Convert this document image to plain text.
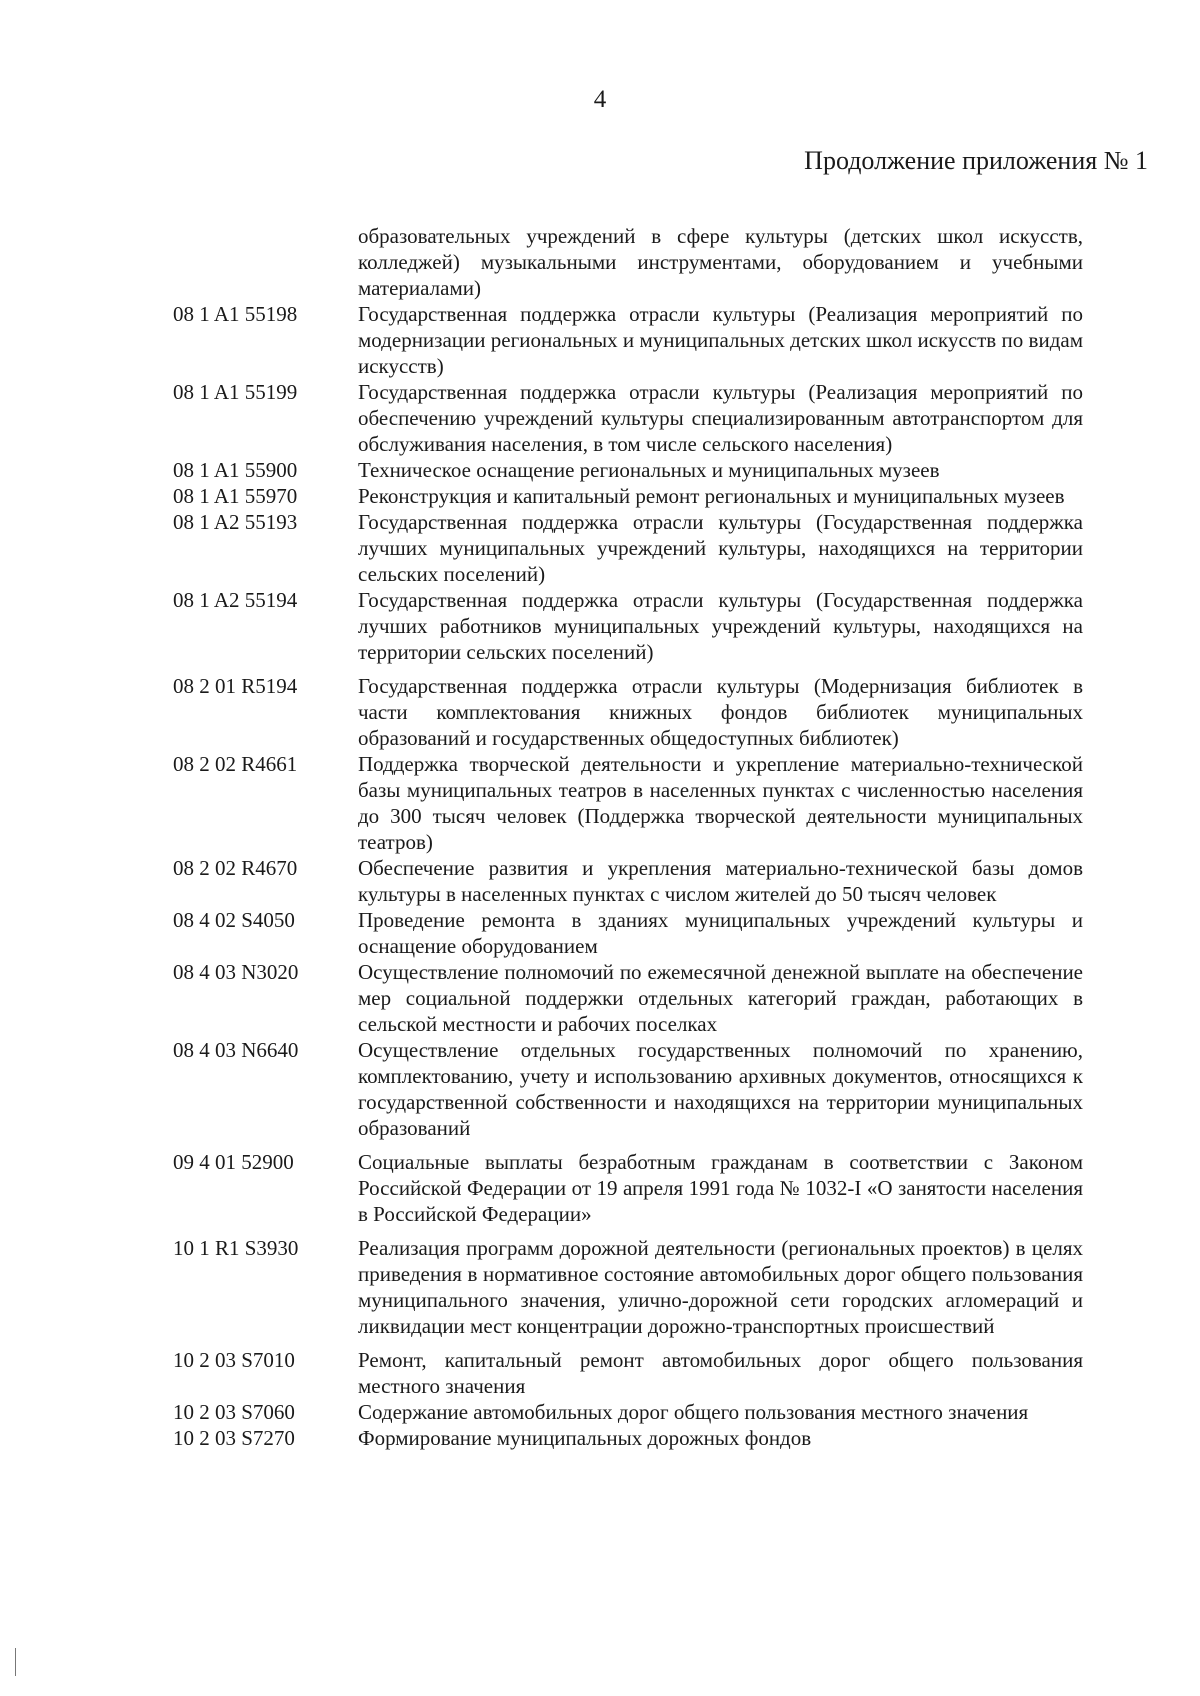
4
Продолжение приложения № 1
образовательных учреждений в сфере культуры (детских школ искусств, колледжей) музыкальными инструментами, оборудованием и учебными материалами)
08 1 A1 55198	Государственная поддержка отрасли культуры (Реализация мероприятий по модернизации региональных и муниципальных детских школ искусств по видам искусств)
08 1 A1 55199	Государственная поддержка отрасли культуры (Реализация мероприятий по обеспечению учреждений культуры специализированным автотранспортом для обслуживания населения, в том числе сельского населения)
08 1 A1 55900	Техническое оснащение региональных и муниципальных музеев
08 1 A1 55970	Реконструкция и капитальный ремонт региональных и муниципальных музеев
08 1 A2 55193	Государственная поддержка отрасли культуры (Государственная поддержка лучших муниципальных учреждений культуры, находящихся на территории сельских поселений)
08 1 A2 55194	Государственная поддержка отрасли культуры (Государственная поддержка лучших работников муниципальных учреждений культуры, находящихся на территории сельских поселений)
08 2 01 R5194	Государственная поддержка отрасли культуры (Модернизация библиотек в части комплектования книжных фондов библиотек муниципальных образований и государственных общедоступных библиотек)
08 2 02 R4661	Поддержка творческой деятельности и укрепление материально-технической базы муниципальных театров в населенных пунктах с численностью населения до 300 тысяч человек (Поддержка творческой деятельности муниципальных театров)
08 2 02 R4670	Обеспечение развития и укрепления материально-технической базы домов культуры в населенных пунктах с числом жителей до 50 тысяч человек
08 4 02 S4050	Проведение ремонта в зданиях муниципальных учреждений культуры и оснащение оборудованием
08 4 03 N3020	Осуществление полномочий по ежемесячной денежной выплате на обеспечение мер социальной поддержки отдельных категорий граждан, работающих в сельской местности и рабочих поселках
08 4 03 N6640	Осуществление отдельных государственных полномочий по хранению, комплектованию, учету и использованию архивных документов, относящихся к государственной собственности и находящихся на территории муниципальных образований
09 4 01 52900	Социальные выплаты безработным гражданам в соответствии с Законом Российской Федерации от 19 апреля 1991 года № 1032-I «О занятости населения в Российской Федерации»
10 1 R1 S3930	Реализация программ дорожной деятельности (региональных проектов) в целях приведения в нормативное состояние автомобильных дорог общего пользования муниципального значения, улично-дорожной сети городских агломераций и ликвидации мест концентрации дорожно-транспортных происшествий
10 2 03 S7010	Ремонт, капитальный ремонт автомобильных дорог общего пользования местного значения
10 2 03 S7060	Содержание автомобильных дорог общего пользования местного значения
10 2 03 S7270	Формирование муниципальных дорожных фондов
